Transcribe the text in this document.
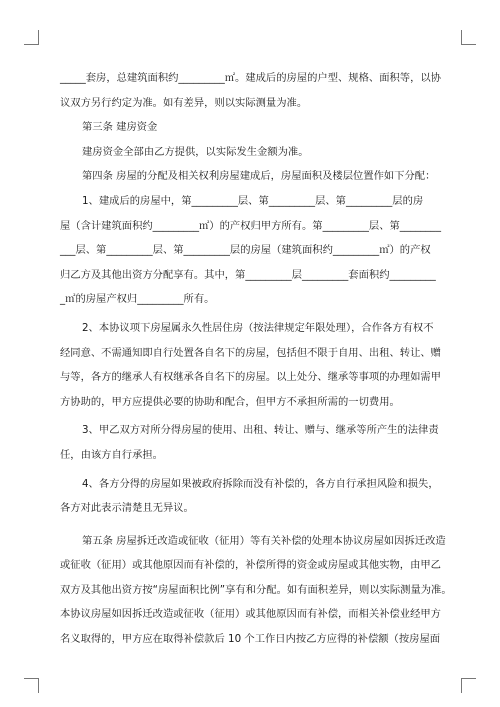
_____套房，总建筑面积约_________㎡。建成后的房屋的户型、规格、面积等，以协
议双方另行约定为准。如有差异，则以实际测量为准。
第三条 建房资金
建房资金全部由乙方提供，以实际发生金额为准。
第四条 房屋的分配及相关权利房屋建成后，房屋面积及楼层位置作如下分配：
1、建成后的房屋中，第_________层、第_________层、第_________层的房
屋（含计建筑面积约_________㎡）的产权归甲方所有。第_________层、第________
___层、第_________层、第_________层的房屋（建筑面积约_________㎡）的产权
归乙方及其他出资方分配享有。其中，第_________层_________套面积约_________
_㎡的房屋产权归_________所有。
2、本协议项下房屋属永久性居住房（按法律规定年限处理），合作各方有权不
经同意、不需通知即自行处置各自名下的房屋，包括但不限于自用、出租、转让、赠
与等，各方的继承人有权继承各自名下的房屋。以上处分、继承等事项的办理如需甲
方协助的，甲方应提供必要的协助和配合，但甲方不承担所需的一切费用。
3、甲乙双方对所分得房屋的使用、出租、转让、赠与、继承等所产生的法律责
任，由该方自行承担。
4、各方分得的房屋如果被政府拆除而没有补偿的，各方自行承担风险和损失，
各方对此表示清楚且无异议。
第五条 房屋拆迁改造或征收（征用）等有关补偿的处理本协议房屋如因拆迁改造
或征收（征用）或其他原因而有补偿的，补偿所得的资金或房屋或其他实物，由甲乙
双方及其他出资方按“房屋面积比例”享有和分配。如有面积差异，则以实际测量为准。
本协议房屋如因拆迁改造或征收（征用）或其他原因而有补偿，而相关补偿业经甲方
名义取得的，甲方应在取得补偿款后 10 个工作日内按乙方应得的补偿额（按房屋面
